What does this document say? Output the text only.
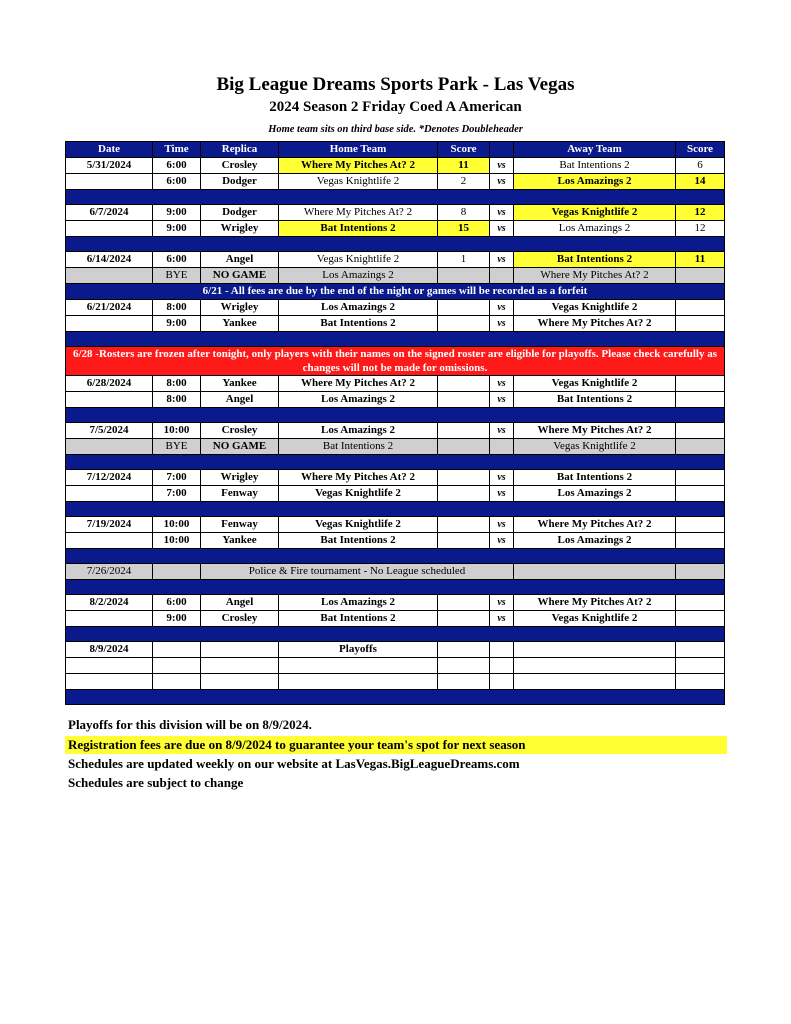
Big League Dreams Sports Park - Las Vegas
2024 Season 2 Friday Coed A American
Home team sits on third base side. *Denotes Doubleheader
Date	Time	Replica	Home Team	Score		Away Team	Score
5/31/2024	6:00	Crosley	Where My Pitches At? 2	11	vs	Bat Intentions 2	6
	6:00	Dodger	Vegas Knightlife 2	2	vs	Los Amazings 2	14

6/7/2024	9:00	Dodger	Where My Pitches At? 2	8	vs	Vegas Knightlife 2	12
	9:00	Wrigley	Bat Intentions 2	15	vs	Los Amazings 2	12

6/14/2024	6:00	Angel	Vegas Knightlife 2	1	vs	Bat Intentions 2	11
	BYE	NO GAME	Los Amazings 2			Where My Pitches At? 2	
6/21 - All fees are due by the end of the night or games will be recorded as a forfeit							
6/21/2024	8:00	Wrigley	Los Amazings 2		vs	Vegas Knightlife 2	
	9:00	Yankee	Bat Intentions 2		vs	Where My Pitches At? 2	

6/28 -Rosters are frozen after tonight, only players with their names on the signed roster are eligible for playoffs. Please check carefully as changes will not be made for omissions.							
6/28/2024	8:00	Yankee	Where My Pitches At? 2		vs	Vegas Knightlife 2	
	8:00	Angel	Los Amazings 2		vs	Bat Intentions 2	

7/5/2024	10:00	Crosley	Los Amazings 2		vs	Where My Pitches At? 2	
	BYE	NO GAME	Bat Intentions 2			Vegas Knightlife 2	

7/12/2024	7:00	Wrigley	Where My Pitches At? 2		vs	Bat Intentions 2	
	7:00	Fenway	Vegas Knightlife 2		vs	Los Amazings 2	

7/19/2024	10:00	Fenway	Vegas Knightlife 2		vs	Where My Pitches At? 2	
	10:00	Yankee	Bat Intentions 2		vs	Los Amazings 2	

7/26/2024		Police & Fire tournament - No League scheduled					

8/2/2024	6:00	Angel	Los Amazings 2		vs	Where My Pitches At? 2	
	9:00	Crosley	Bat Intentions 2		vs	Vegas Knightlife 2	

8/9/2024			Playoffs				

Playoffs for this division will be on 8/9/2024.
Registration fees are due on 8/9/2024 to guarantee your team's spot for next season
Schedules are updated weekly on our website at LasVegas.BigLeagueDreams.com
Schedules are subject to change
